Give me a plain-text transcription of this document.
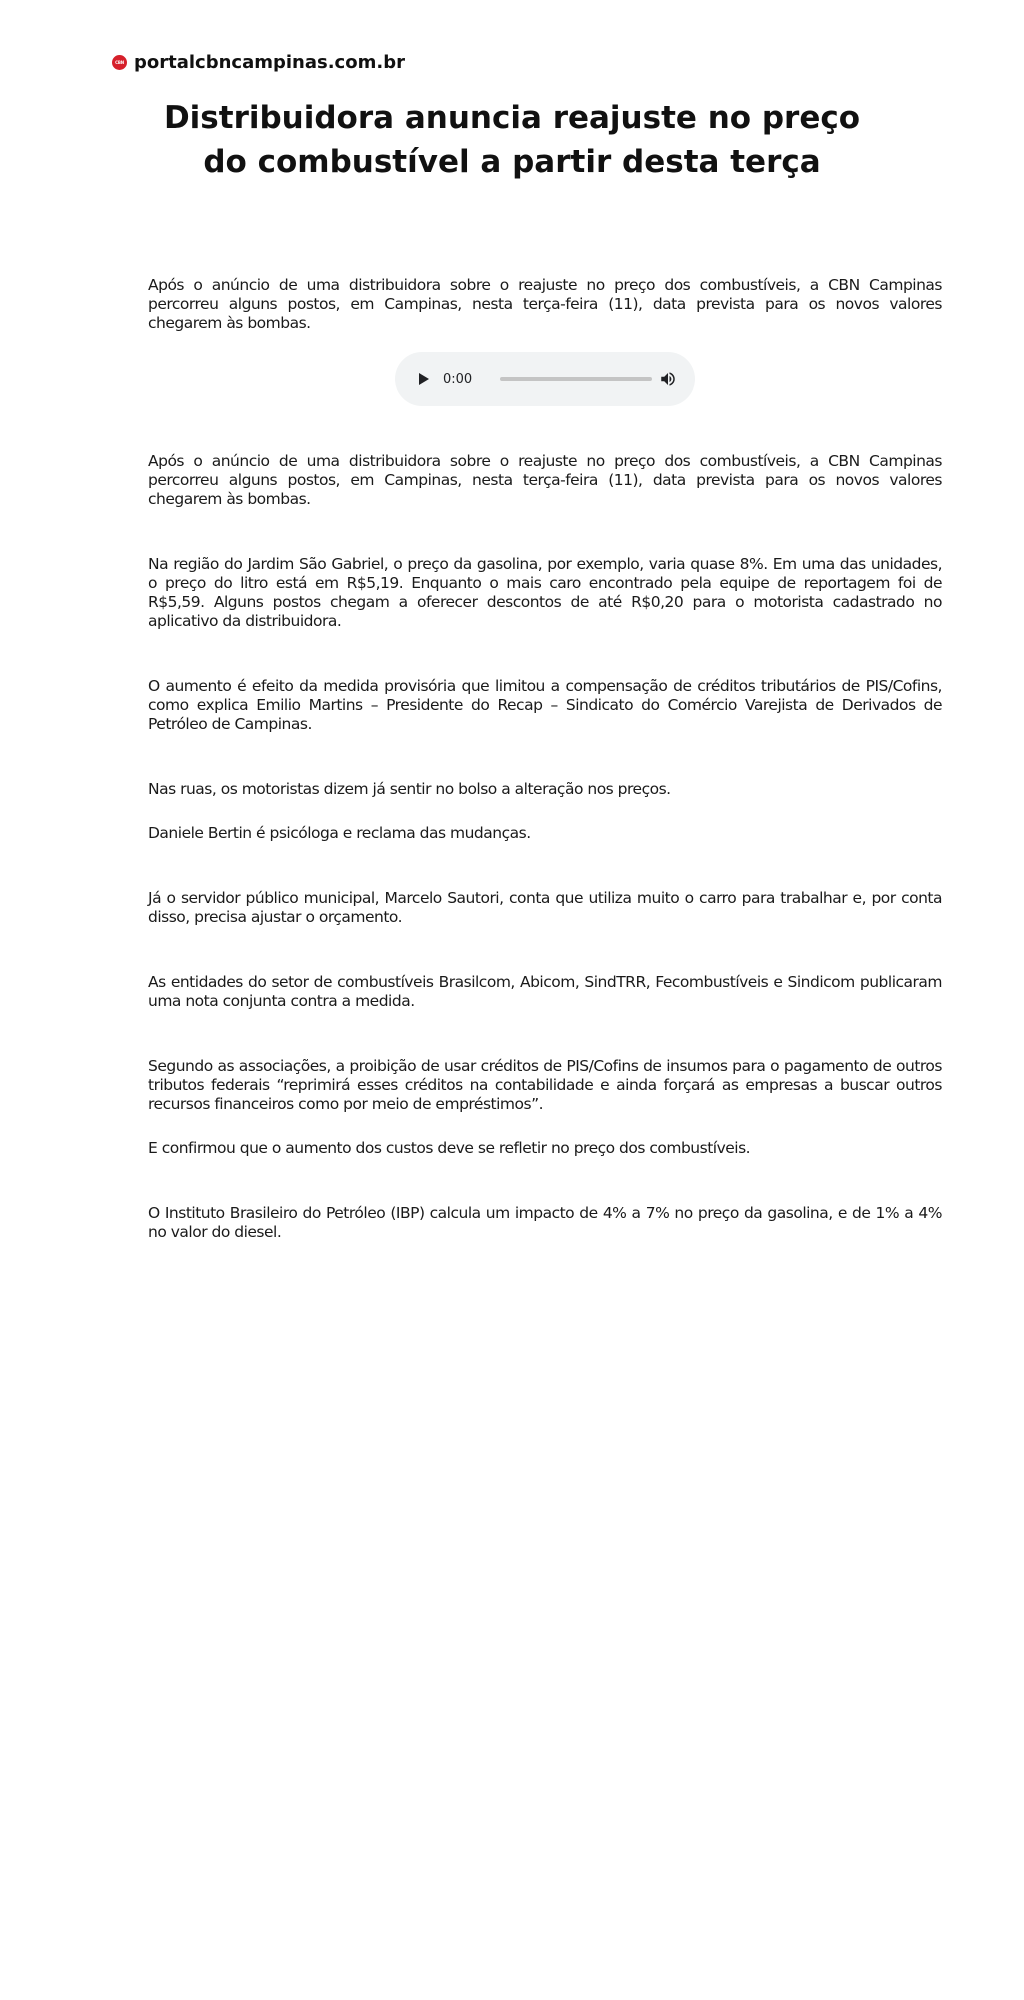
CBN portalcbncampinas.com.br
Distribuidora anuncia reajuste no preço do combustível a partir desta terça

Após o anúncio de uma distribuidora sobre o reajuste no preço dos combustíveis, a CBN Campinas percorreu alguns postos, em Campinas, nesta terça-feira (11), data prevista para os novos valores chegarem às bombas.

0:00

Após o anúncio de uma distribuidora sobre o reajuste no preço dos combustíveis, a CBN Campinas percorreu alguns postos, em Campinas, nesta terça-feira (11), data prevista para os novos valores chegarem às bombas.

Na região do Jardim São Gabriel, o preço da gasolina, por exemplo, varia quase 8%. Em uma das unidades, o preço do litro está em R$5,19. Enquanto o mais caro encontrado pela equipe de reportagem foi de R$5,59. Alguns postos chegam a oferecer descontos de até R$0,20 para o motorista cadastrado no aplicativo da distribuidora.

O aumento é efeito da medida provisória que limitou a compensação de créditos tributários de PIS/Cofins, como explica Emilio Martins – Presidente do Recap – Sindicato do Comércio Varejista de Derivados de Petróleo de Campinas.

Nas ruas, os motoristas dizem já sentir no bolso a alteração nos preços.

Daniele Bertin é psicóloga e reclama das mudanças.

Já o servidor público municipal, Marcelo Sautori, conta que utiliza muito o carro para trabalhar e, por conta disso, precisa ajustar o orçamento.

As entidades do setor de combustíveis Brasilcom, Abicom, SindTRR, Fecombustíveis e Sindicom publicaram uma nota conjunta contra a medida.

Segundo as associações, a proibição de usar créditos de PIS/Cofins de insumos para o pagamento de outros tributos federais “reprimirá esses créditos na contabilidade e ainda forçará as empresas a buscar outros recursos financeiros como por meio de empréstimos”.

E confirmou que o aumento dos custos deve se refletir no preço dos combustíveis.

O Instituto Brasileiro do Petróleo (IBP) calcula um impacto de 4% a 7% no preço da gasolina, e de 1% a 4% no valor do diesel.
